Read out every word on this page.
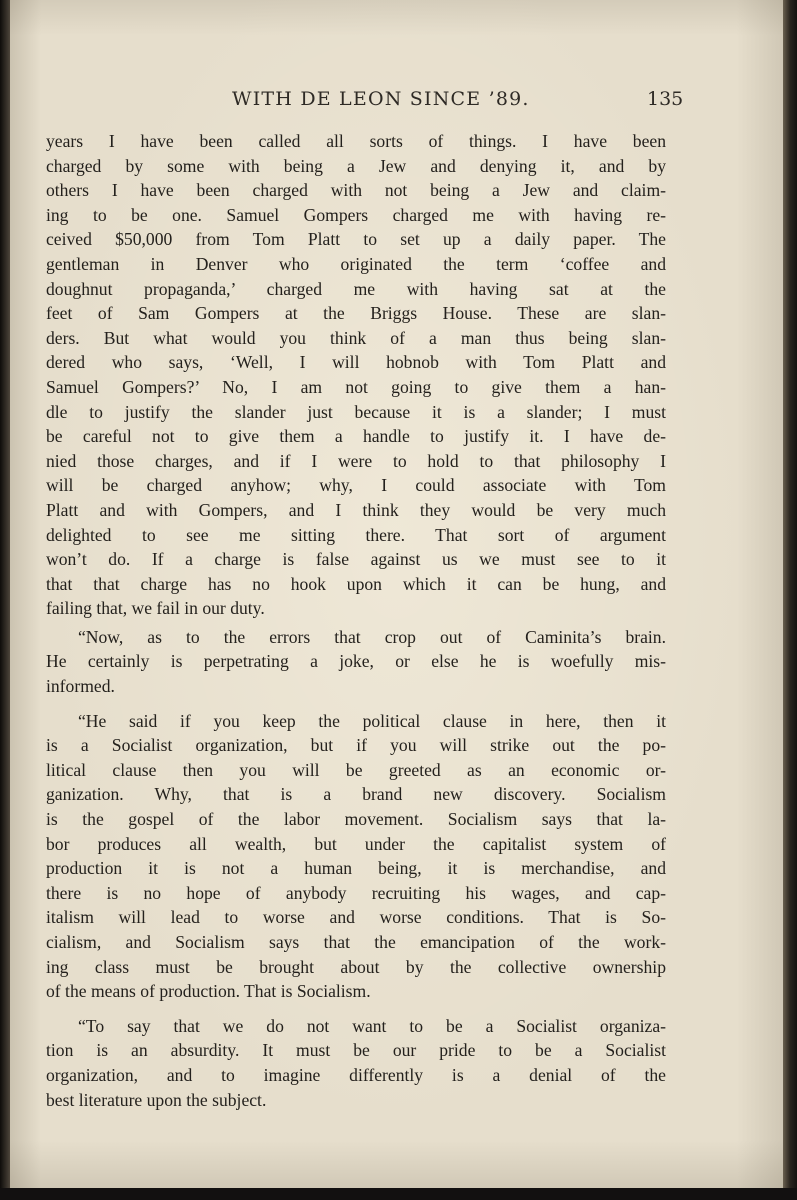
WITH DE LEON SINCE ’89.	135
years I have been called all sorts of things. I have been
charged by some with being a Jew and denying it, and by
others I have been charged with not being a Jew and claim-
ing to be one. Samuel Gompers charged me with having re-
ceived $50,000 from Tom Platt to set up a daily paper. The
gentleman in Denver who originated the term ‘coffee and
doughnut propaganda,’ charged me with having sat at the
feet of Sam Gompers at the Briggs House. These are slan-
ders. But what would you think of a man thus being slan-
dered who says, ‘Well, I will hobnob with Tom Platt and
Samuel Gompers?’ No, I am not going to give them a han-
dle to justify the slander just because it is a slander; I must
be careful not to give them a handle to justify it. I have de-
nied those charges, and if I were to hold to that philosophy I
will be charged anyhow; why, I could associate with Tom
Platt and with Gompers, and I think they would be very much
delighted to see me sitting there. That sort of argument
won’t do. If a charge is false against us we must see to it
that that charge has no hook upon which it can be hung, and
failing that, we fail in our duty.
“Now, as to the errors that crop out of Caminita’s brain.
He certainly is perpetrating a joke, or else he is woefully mis-
informed.
“He said if you keep the political clause in here, then it
is a Socialist organization, but if you will strike out the po-
litical clause then you will be greeted as an economic or-
ganization. Why, that is a brand new discovery. Socialism
is the gospel of the labor movement. Socialism says that la-
bor produces all wealth, but under the capitalist system of
production it is not a human being, it is merchandise, and
there is no hope of anybody recruiting his wages, and cap-
italism will lead to worse and worse conditions. That is So-
cialism, and Socialism says that the emancipation of the work-
ing class must be brought about by the collective ownership
of the means of production. That is Socialism.
“To say that we do not want to be a Socialist organiza-
tion is an absurdity. It must be our pride to be a Socialist
organization, and to imagine differently is a denial of the
best literature upon the subject.
